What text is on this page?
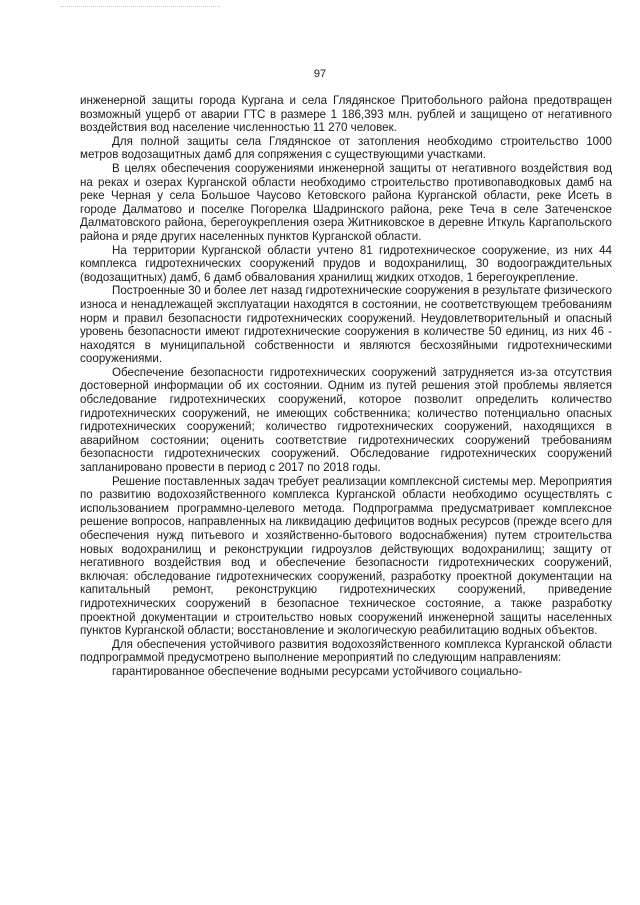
97

инженерной защиты города Кургана и села Глядянское Притобольного района предотвращен возможный ущерб от аварии ГТС в размере 1 186,393 млн. рублей и защищено от негативного воздействия вод население численностью 11 270 человек.

Для полной защиты села Глядянское от затопления необходимо строительство 1000 метров водозащитных дамб для сопряжения с существующими участками.

В целях обеспечения сооружениями инженерной защиты от негативного воздействия вод на реках и озерах Курганской области необходимо строительство противопаводковых дамб на реке Черная у села Большое Чаусово Кетовского района Курганской области, реке Исеть в городе Далматово и поселке Погорелка Шадринского района, реке Теча в селе Затеченское Далматовского района, берегоукрепления озера Житниковское в деревне Иткуль Каргапольского района и ряде других населенных пунктов Курганской области.

На территории Курганской области учтено 81 гидротехническое сооружение, из них 44 комплекса гидротехнических сооружений прудов и водохранилищ, 30 водоограждительных (водозащитных) дамб, 6 дамб обвалования хранилищ жидких отходов, 1 берегоукрепление.

Построенные 30 и более лет назад гидротехнические сооружения в результате физического износа и ненадлежащей эксплуатации находятся в состоянии, не соответствующем требованиям норм и правил безопасности гидротехнических сооружений. Неудовлетворительный и опасный уровень безопасности имеют гидротехнические сооружения в количестве 50 единиц, из них 46 - находятся в муниципальной собственности и являются бесхозяйными гидротехническими сооружениями.

Обеспечение безопасности гидротехнических сооружений затрудняется из-за отсутствия достоверной информации об их состоянии. Одним из путей решения этой проблемы является обследование гидротехнических сооружений, которое позволит определить количество гидротехнических сооружений, не имеющих собственника; количество потенциально опасных гидротехнических сооружений; количество гидротехнических сооружений, находящихся в аварийном состоянии; оценить соответствие гидротехнических сооружений требованиям безопасности гидротехнических сооружений. Обследование гидротехнических сооружений запланировано провести в период с 2017 по 2018 годы.

Решение поставленных задач требует реализации комплексной системы мер. Мероприятия по развитию водохозяйственного комплекса Курганской области необходимо осуществлять с использованием программно-целевого метода. Подпрограмма предусматривает комплексное решение вопросов, направленных на ликвидацию дефицитов водных ресурсов (прежде всего для обеспечения нужд питьевого и хозяйственно-бытового водоснабжения) путем строительства новых водохранилищ и реконструкции гидроузлов действующих водохранилищ; защиту от негативного воздействия вод и обеспечение безопасности гидротехнических сооружений, включая: обследование гидротехнических сооружений, разработку проектной документации на капитальный ремонт, реконструкцию гидротехнических сооружений, приведение гидротехнических сооружений в безопасное техническое состояние, а также разработку проектной документации и строительство новых сооружений инженерной защиты населенных пунктов Курганской области; восстановление и экологическую реабилитацию водных объектов.

Для обеспечения устойчивого развития водохозяйственного комплекса Курганской области подпрограммой предусмотрено выполнение мероприятий по следующим направлениям:

гарантированное обеспечение водными ресурсами устойчивого социально-
